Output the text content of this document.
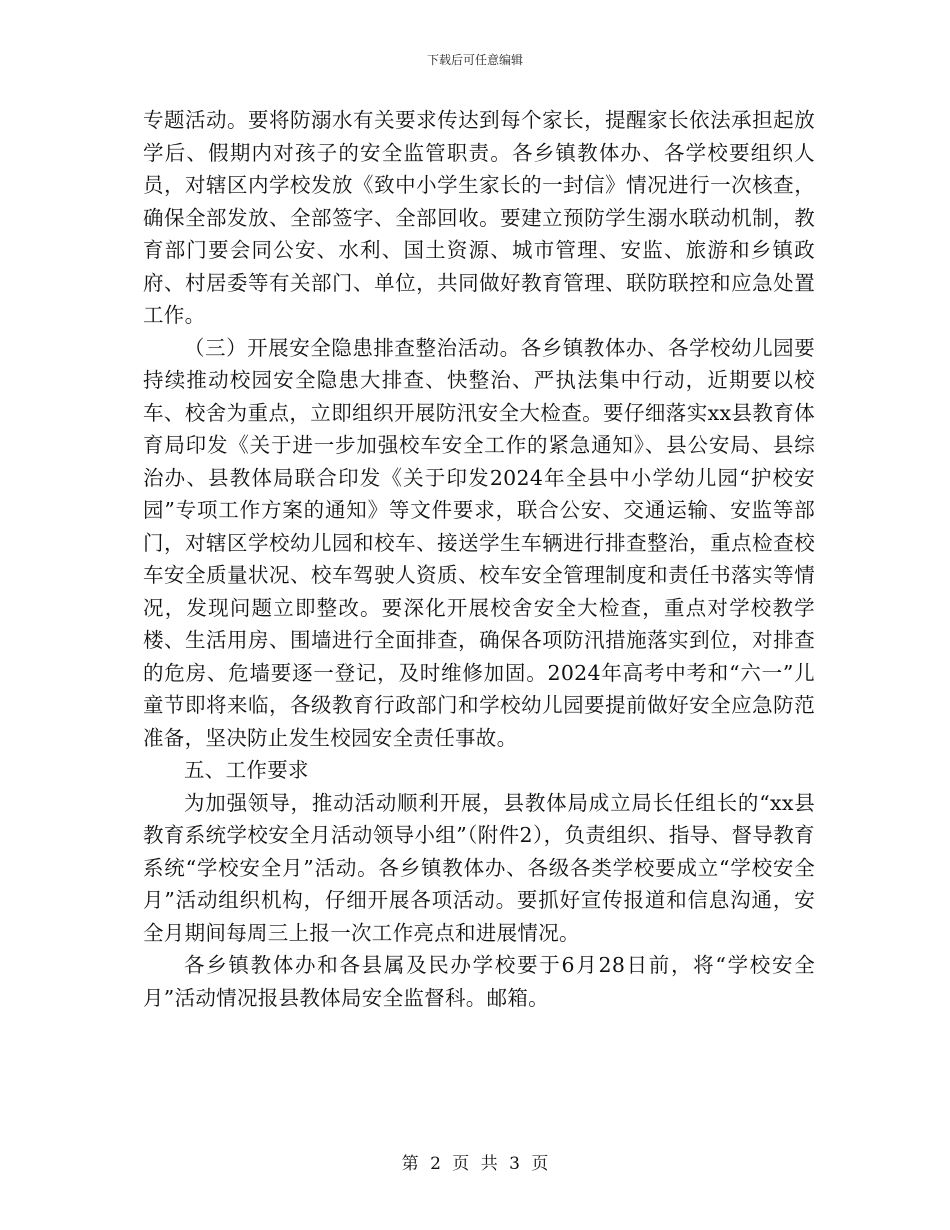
下载后可任意编辑

专题活动。要将防溺水有关要求传达到每个家长，提醒家长依法承担起放学后、假期内对孩子的安全监管职责。各乡镇教体办、各学校要组织人员，对辖区内学校发放《致中小学生家长的一封信》情况进行一次核查，确保全部发放、全部签字、全部回收。要建立预防学生溺水联动机制，教育部门要会同公安、水利、国土资源、城市管理、安监、旅游和乡镇政府、村居委等有关部门、单位，共同做好教育管理、联防联控和应急处置工作。

（三）开展安全隐患排查整治活动。各乡镇教体办、各学校幼儿园要持续推动校园安全隐患大排查、快整治、严执法集中行动，近期要以校车、校舍为重点，立即组织开展防汛安全大检查。要仔细落实xx县教育体育局印发《关于进一步加强校车安全工作的紧急通知》、县公安局、县综治办、县教体局联合印发《关于印发2024年全县中小学幼儿园“护校安园”专项工作方案的通知》等文件要求，联合公安、交通运输、安监等部门，对辖区学校幼儿园和校车、接送学生车辆进行排查整治，重点检查校车安全质量状况、校车驾驶人资质、校车安全管理制度和责任书落实等情况，发现问题立即整改。要深化开展校舍安全大检查，重点对学校教学楼、生活用房、围墙进行全面排查，确保各项防汛措施落实到位，对排查的危房、危墙要逐一登记，及时维修加固。2024年高考中考和“六一”儿童节即将来临，各级教育行政部门和学校幼儿园要提前做好安全应急防范准备，坚决防止发生校园安全责任事故。

五、工作要求

为加强领导，推动活动顺利开展，县教体局成立局长任组长的“xx县教育系统学校安全月活动领导小组”（附件2），负责组织、指导、督导教育系统“学校安全月”活动。各乡镇教体办、各级各类学校要成立“学校安全月”活动组织机构，仔细开展各项活动。要抓好宣传报道和信息沟通，安全月期间每周三上报一次工作亮点和进展情况。

各乡镇教体办和各县属及民办学校要于6月28日前，将“学校安全月”活动情况报县教体局安全监督科。邮箱。

第 2 页 共 3 页
